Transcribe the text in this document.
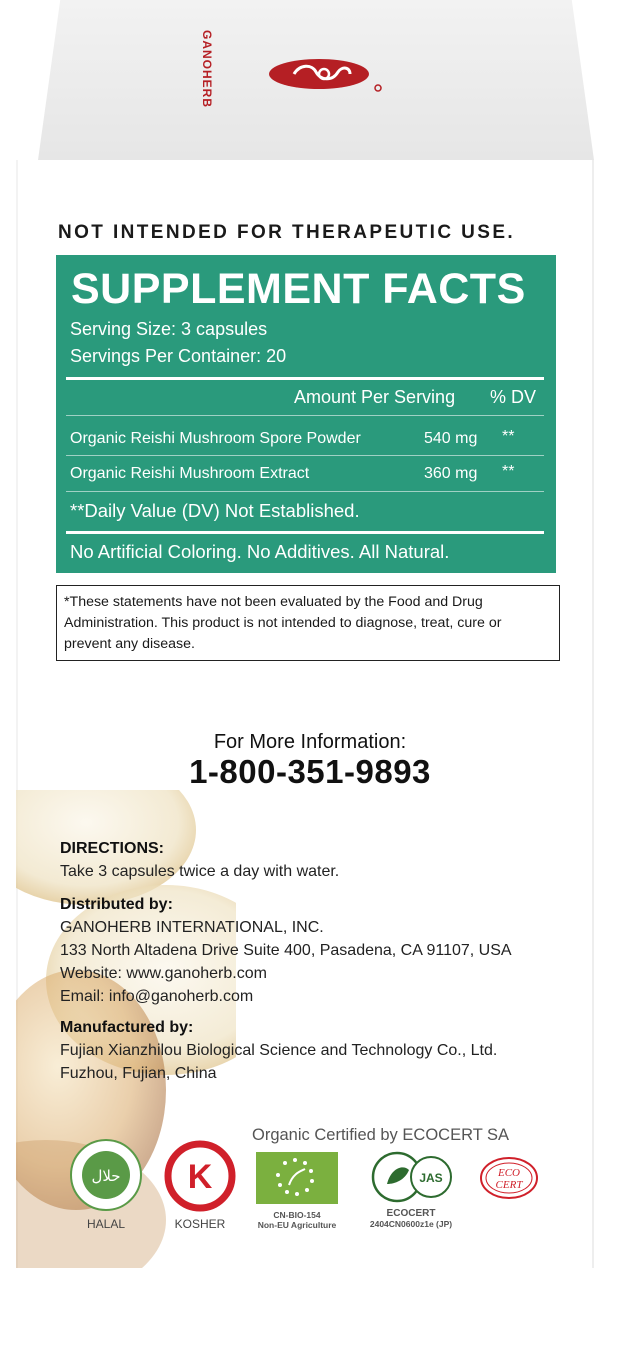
GANOHERB
NOT INTENDED FOR THERAPEUTIC USE.
SUPPLEMENT FACTS
Serving Size: 3 capsules
Servings Per Container: 20
Amount Per Serving % DV
Organic Reishi Mushroom Spore Powder	540 mg **
Organic Reishi Mushroom Extract	360 mg **
**Daily Value (DV) Not Established.
No Artificial Coloring. No Additives. All Natural.
*These statements have not been evaluated by the Food and Drug Administration. This product is not intended to diagnose, treat, cure or prevent any disease.
For More Information:
1-800-351-9893
DIRECTIONS:
Take 3 capsules twice a day with water.
Distributed by:
GANOHERB INTERNATIONAL, INC.
133 North Altadena Drive Suite 400, Pasadena, CA 91107, USA
Website: www.ganoherb.com
Email: info@ganoherb.com
Manufactured by:
Fujian Xianzhilou Biological Science and Technology Co., Ltd.
Fuzhou, Fujian, China
Organic Certified by ECOCERT SA
حلال
HALAL
K
KOSHER
CN-BIO-154
Non-EU Agriculture
JAS
ECOCERT
2404CN0600z1e (JP)
ECO
CERT
